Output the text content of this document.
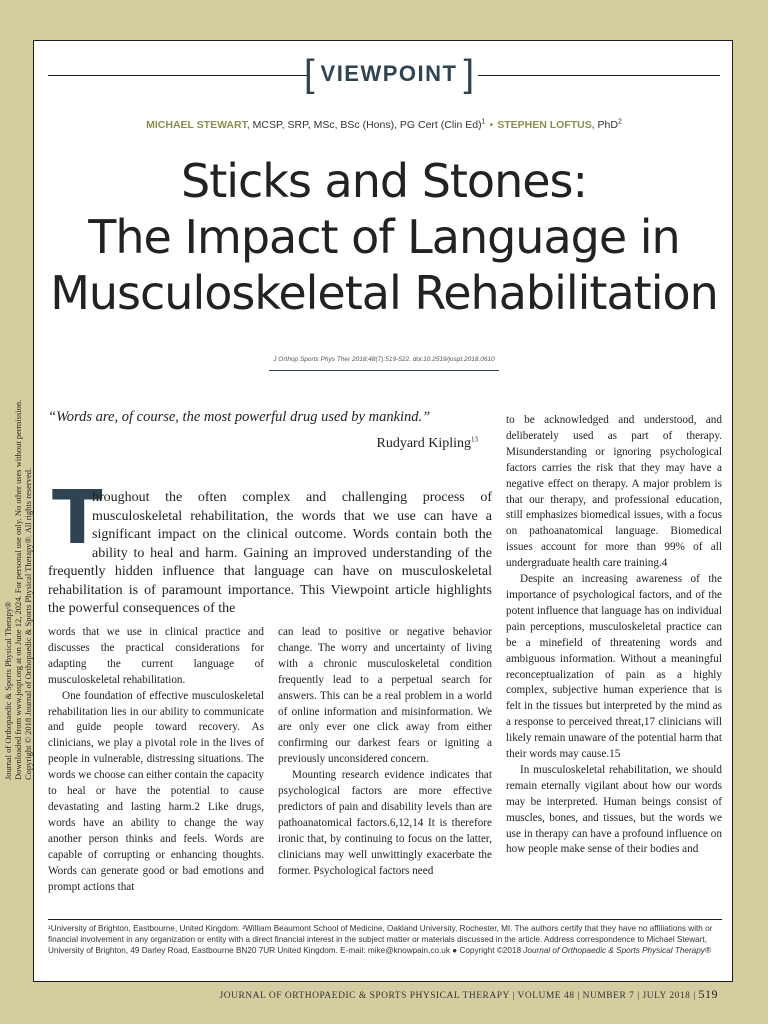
Journal of Orthopaedic & Sports Physical Therapy®
Downloaded from www.jospt.org at on June 12, 2024. For personal use only. No other uses without permission.
Copyright © 2018 Journal of Orthopaedic & Sports Physical Therapy®. All rights reserved.
[ VIEWPOINT ]
MICHAEL STEWART, MCSP, SRP, MSc, BSc (Hons), PG Cert (Clin Ed)$^1$ • STEPHEN LOFTUS, PhD$^2$
Sticks and Stones:
The Impact of Language in
Musculoskeletal Rehabilitation
J Orthop Sports Phys Ther 2018;48(7):519-522. doi:10.2519/jospt.2018.0610
“Words are, of course, the most powerful drug used by mankind.”
Rudyard Kipling$^{13}$
T

hroughout the often complex and challenging process of musculoskeletal rehabilitation, the words that we use can have a significant impact on the clinical outcome. Words contain both the ability to heal and harm. Gaining an improved understanding of the frequently hidden influence that language can have on musculoskeletal rehabilitation is of paramount importance. This Viewpoint article highlights the powerful consequences of the

words that we use in clinical practice and discusses the practical considerations for adapting the current language of musculoskeletal rehabilitation.

One foundation of effective musculoskeletal rehabilitation lies in our ability to communicate and guide people toward recovery. As clinicians, we play a pivotal role in the lives of people in vulnerable, distressing situations. The words we choose can either contain the capacity to heal or have the potential to cause devastating and lasting harm.2 Like drugs, words have an ability to change the way another person thinks and feels. Words are capable of corrupting or enhancing thoughts. Words can generate good or bad emotions and prompt actions that

can lead to positive or negative behavior change. The worry and uncertainty of living with a chronic musculoskeletal condition frequently lead to a perpetual search for answers. This can be a real problem in a world of online information and misinformation. We are only ever one click away from either confirming our darkest fears or igniting a previously unconsidered concern.

Mounting research evidence indicates that psychological factors are more effective predictors of pain and disability levels than are pathoanatomical factors.6,12,14 It is therefore ironic that, by continuing to focus on the latter, clinicians may well unwittingly exacerbate the former. Psychological factors need

to be acknowledged and understood, and deliberately used as part of therapy. Misunderstanding or ignoring psychological factors carries the risk that they may have a negative effect on therapy. A major problem is that our therapy, and professional education, still emphasizes biomedical issues, with a focus on pathoanatomical language. Biomedical issues account for more than 99% of all undergraduate health care training.4

Despite an increasing awareness of the importance of psychological factors, and of the potent influence that language has on individual pain perceptions, musculoskeletal practice can be a minefield of threatening words and ambiguous information. Without a meaningful reconceptualization of pain as a highly complex, subjective human experience that is felt in the tissues but interpreted by the mind as a response to perceived threat,17 clinicians will likely remain unaware of the potential harm that their words may cause.15

In musculoskeletal rehabilitation, we should remain eternally vigilant about how our words may be interpreted. Human beings consist of muscles, bones, and tissues, but the words we use in therapy can have a profound influence on how people make sense of their bodies and

¹University of Brighton, Eastbourne, United Kingdom. ²William Beaumont School of Medicine, Oakland University, Rochester, MI. The authors certify that they have no affiliations with or financial involvement in any organization or entity with a direct financial interest in the subject matter or materials discussed in the article. Address correspondence to Michael Stewart, University of Brighton, 49 Darley Road, Eastbourne BN20 7UR United Kingdom. E-mail: mike@knowpain.co.uk ● Copyright ©2018 Journal of Orthopaedic & Sports Physical Therapy®

JOURNAL OF ORTHOPAEDIC & SPORTS PHYSICAL THERAPY | VOLUME 48 | NUMBER 7 | JULY 2018 | 519
